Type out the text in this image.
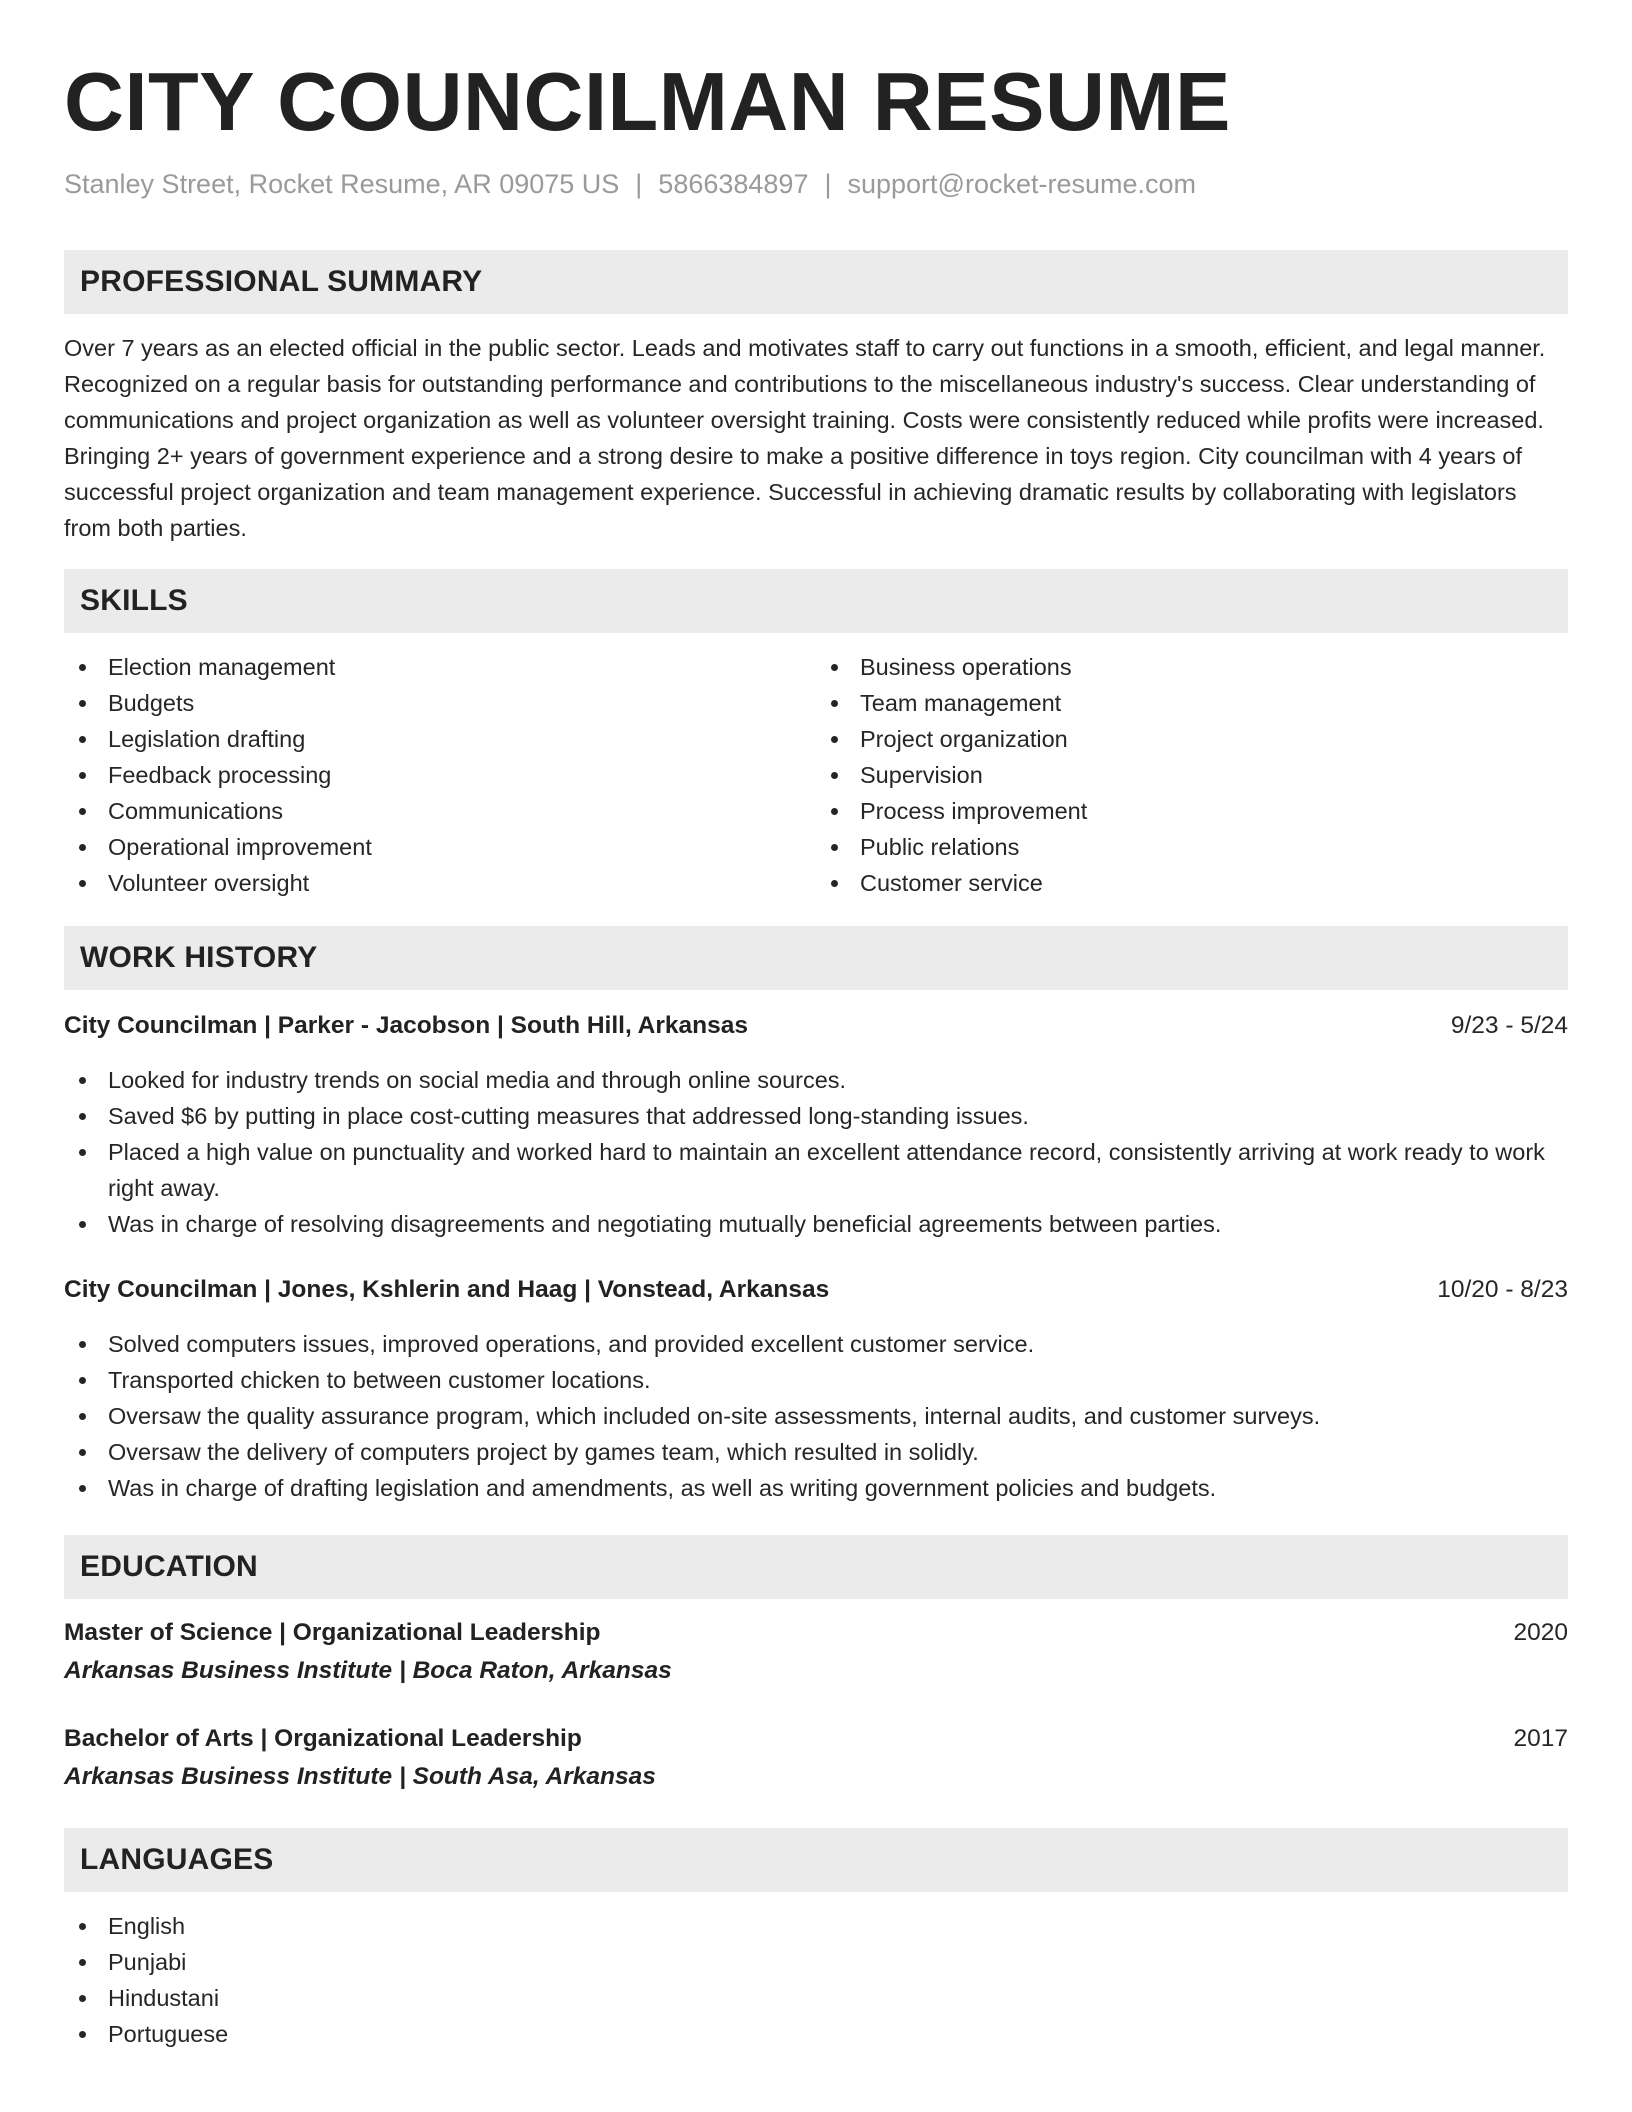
CITY COUNCILMAN RESUME
Stanley Street, Rocket Resume, AR 09075 US | 5866384897 | support@rocket-resume.com
PROFESSIONAL SUMMARY

Over 7 years as an elected official in the public sector. Leads and motivates staff to carry out functions in a smooth, efficient, and legal manner. Recognized on a regular basis for outstanding performance and contributions to the miscellaneous industry's success. Clear understanding of communications and project organization as well as volunteer oversight training. Costs were consistently reduced while profits were increased. Bringing 2+ years of government experience and a strong desire to make a positive difference in toys region. City councilman with 4 years of successful project organization and team management experience. Successful in achieving dramatic results by collaborating with legislators from both parties.

SKILLS
Election management
Budgets
Legislation drafting
Feedback processing
Communications
Operational improvement
Volunteer oversight
Business operations
Team management
Project organization
Supervision
Process improvement
Public relations
Customer service
WORK HISTORY
City Councilman | Parker - Jacobson | South Hill, Arkansas	9/23 - 5/24
Looked for industry trends on social media and through online sources.
Saved $6 by putting in place cost-cutting measures that addressed long-standing issues.
Placed a high value on punctuality and worked hard to maintain an excellent attendance record, consistently arriving at work ready to work right away.
Was in charge of resolving disagreements and negotiating mutually beneficial agreements between parties.
City Councilman | Jones, Kshlerin and Haag | Vonstead, Arkansas	10/20 - 8/23
Solved computers issues, improved operations, and provided excellent customer service.
Transported chicken to between customer locations.
Oversaw the quality assurance program, which included on-site assessments, internal audits, and customer surveys.
Oversaw the delivery of computers project by games team, which resulted in solidly.
Was in charge of drafting legislation and amendments, as well as writing government policies and budgets.
EDUCATION
Master of Science | Organizational Leadership	2020
Arkansas Business Institute | Boca Raton, Arkansas
Bachelor of Arts | Organizational Leadership	2017
Arkansas Business Institute | South Asa, Arkansas
LANGUAGES
English
Punjabi
Hindustani
Portuguese
